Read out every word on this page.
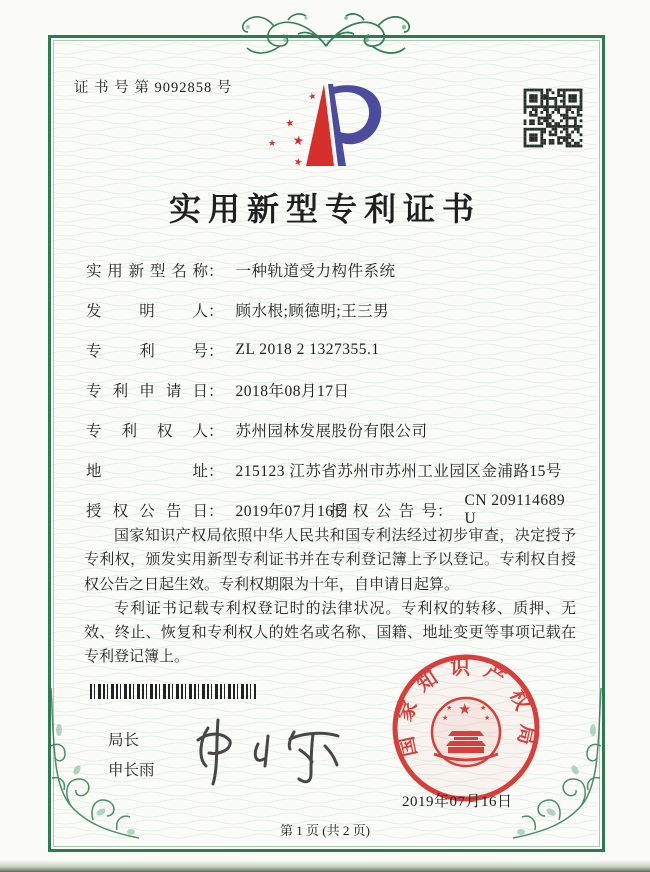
证 书 号 第 9092858 号
★
★
★ ★
★
实用新型专利证书
实用新型名称 ： 一种轨道受力构件系统
发明人 ： 顾水根;顾德明;王三男
专利号 ： ZL 2018 2 1327355.1
专利申请日 ： 2018年08月17日
专利权人 ： 苏州园林发展股份有限公司
地址 ： 215123 江苏省苏州市苏州工业园区金浦路15号
授权公告日 ： 2019年07月16日
授权公告号 ：
CN 209114689 U

国家知识产权局依照中华人民共和国专利法经过初步审查，决定授予专利权，颁发实用新型专利证书并在专利登记簿上予以登记。专利权自授权公告之日起生效。专利权期限为十年，自申请日起算。

专利证书记载专利权登记时的法律状况。专利权的转移、质押、无效、终止、恢复和专利权人的姓名或名称、国籍、地址变更等事项记载在专利登记簿上。

局长
申长雨
国家知识产权局
★
★	★
★	★
2019年07月16日
第 1 页 (共 2 页)
